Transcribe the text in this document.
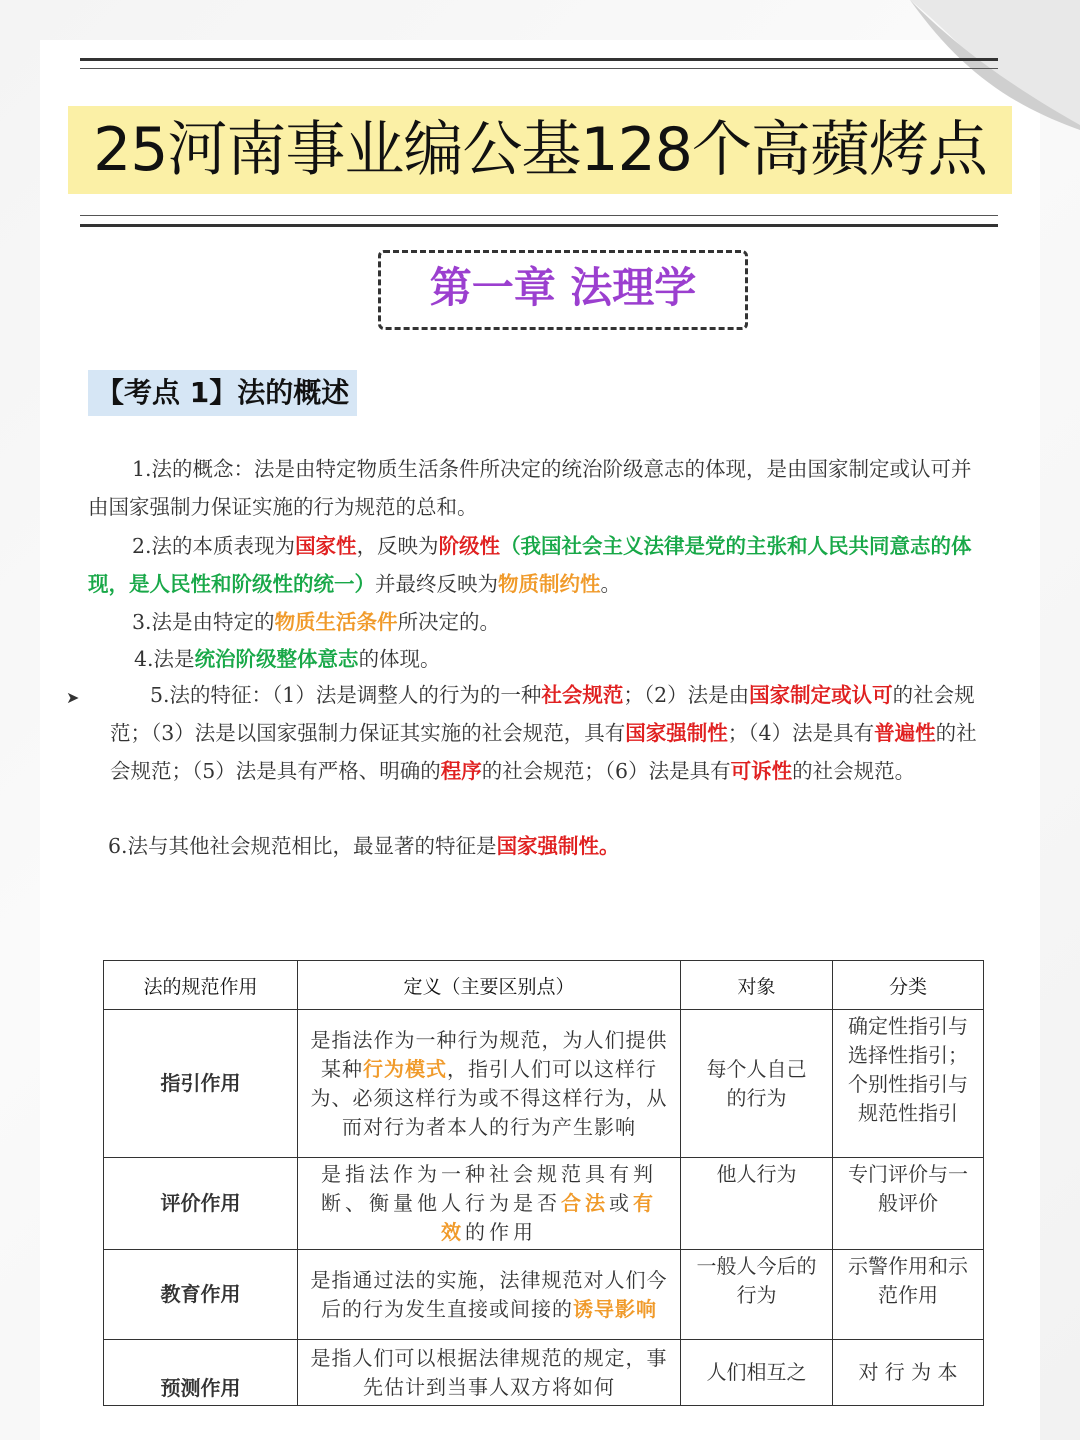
25河南事业编公基128个高蘋烤点
第一章 法理学
【考点 1】法的概述
1.法的概念：法是由特定物质生活条件所决定的统治阶级意志的体现，是由国家制定或认可并由国家强制力保证实施的行为规范的总和。
2.法的本质表现为国家性，反映为阶级性（我国社会主义法律是党的主张和人民共同意志的体现，是人民性和阶级性的统一）并最终反映为物质制约性。
3.法是由特定的物质生活条件所决定的。
4.法是统治阶级整体意志的体现。
➤	5.法的特征：（1）法是调整人的行为的一种社会规范；（2）法是由国家制定或认可的社会规范；（3）法是以国家强制力保证其实施的社会规范，具有国家强制性；（4）法是具有普遍性的社会规范；（5）法是具有严格、明确的程序的社会规范；（6）法是具有可诉性的社会规范。
6.法与其他社会规范相比，最显著的特征是国家强制性。
法的规范作用	定义（主要区别点）	对象	分类
指引作用	是指法作为一种行为规范，为人们提供某种行为模式，指引人们可以这样行为、必须这样行为或不得这样行为，从而对行为者本人的行为产生影响	每个人自己的行为	确定性指引与选择性指引；个别性指引与规范性指引
评价作用	是指法作为一种社会规范具有判断、衡量他人行为是否合法或有效的作用	他人行为	专门评价与一般评价
教育作用	是指通过法的实施，法律规范对人们今后的行为发生直接或间接的诱导影响	一般人今后的行为	示警作用和示范作用
预测作用	是指人们可以根据法律规范的规定，事先估计到当事人双方将如何	人们相互之	对 行 为 本
